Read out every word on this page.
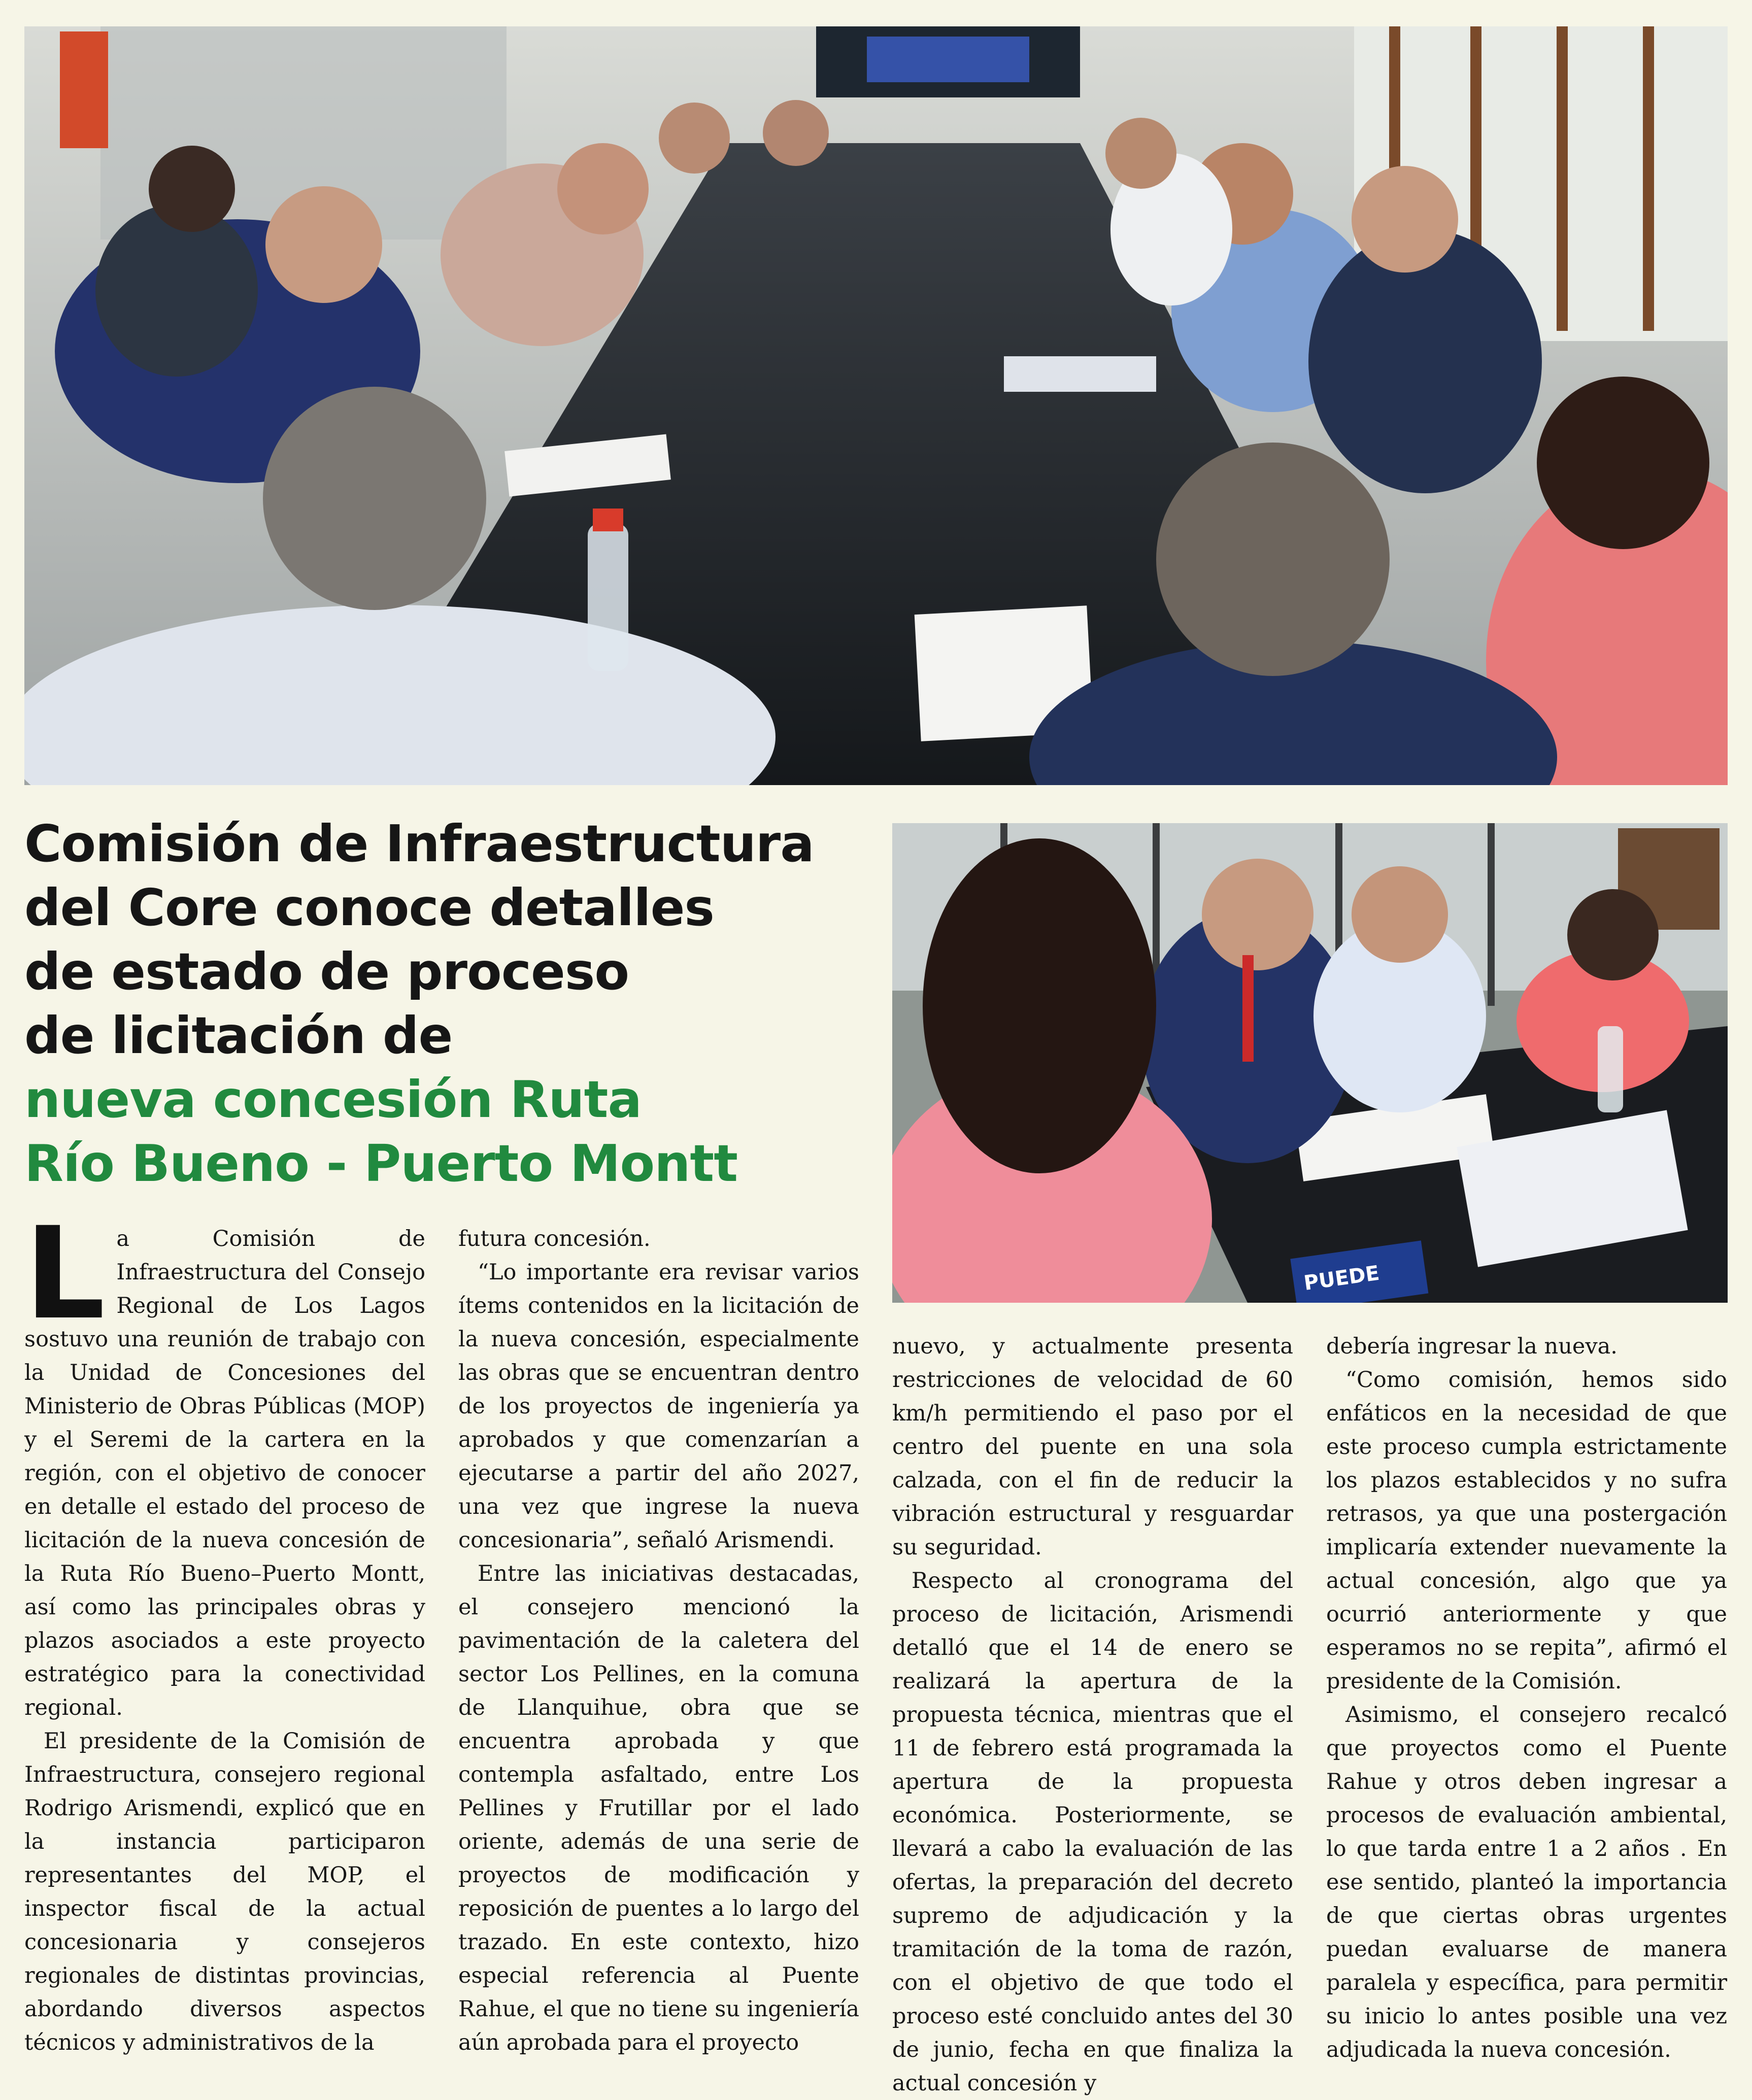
Comisión de Infraestructura
del Core conoce detalles
de estado de proceso
de licitación de
nueva concesión Ruta
Río Bueno - Puerto Montt
PUEDE
L a Comisión de Infraestructura del Consejo Regional de Los Lagos sostuvo una reunión de trabajo con la Unidad de Concesiones del Ministerio de Obras Públicas (MOP) y el Seremi de la cartera en la región, con el objetivo de conocer en detalle el estado del proceso de licitación de la nueva concesión de la Ruta Río Bueno–Puerto Montt, así como las principales obras y plazos asociados a este proyecto estratégico para la conectividad regional.

El presidente de la Comisión de Infraestructura, consejero regional Rodrigo Arismendi, explicó que en la instancia participaron representantes del MOP, el inspector fiscal de la actual concesionaria y consejeros regionales de distintas provincias, abordando diversos aspectos técnicos y administrativos de la

futura concesión.

“Lo importante era revisar varios ítems contenidos en la licitación de la nueva concesión, especialmente las obras que se encuentran dentro de los proyectos de ingeniería ya aprobados y que comenzarían a ejecutarse a partir del año 2027, una vez que ingrese la nueva concesionaria”, señaló Arismendi.

Entre las iniciativas destacadas, el consejero mencionó la pavimentación de la caletera del sector Los Pellines, en la comuna de Llanquihue, obra que se encuentra aprobada y que contempla asfaltado, entre Los Pellines y Frutillar por el lado oriente, además de una serie de proyectos de modificación y reposición de puentes a lo largo del trazado. En este contexto, hizo especial referencia al Puente Rahue, el que no tiene su ingeniería aún aprobada para el proyecto

nuevo, y actualmente presenta restricciones de velocidad de 60 km/h permitiendo el paso por el centro del puente en una sola calzada, con el fin de reducir la vibración estructural y resguardar su seguridad.

Respecto al cronograma del proceso de licitación, Arismendi detalló que el 14 de enero se realizará la apertura de la propuesta técnica, mientras que el 11 de febrero está programada la apertura de la propuesta económica. Posteriormente, se llevará a cabo la evaluación de las ofertas, la preparación del decreto supremo de adjudicación y la tramitación de la toma de razón, con el objetivo de que todo el proceso esté concluido antes del 30 de junio, fecha en que finaliza la actual concesión y

debería ingresar la nueva.

“Como comisión, hemos sido enfáticos en la necesidad de que este proceso cumpla estrictamente los plazos establecidos y no sufra retrasos, ya que una postergación implicaría extender nuevamente la actual concesión, algo que ya ocurrió anteriormente y que esperamos no se repita”, afirmó el presidente de la Comisión.

Asimismo, el consejero recalcó que proyectos como el Puente Rahue y otros deben ingresar a procesos de evaluación ambiental, lo que tarda entre 1 a 2 años . En ese sentido, planteó la importancia de que ciertas obras urgentes puedan evaluarse de manera paralela y específica, para permitir su inicio lo antes posible una vez adjudicada la nueva concesión.
